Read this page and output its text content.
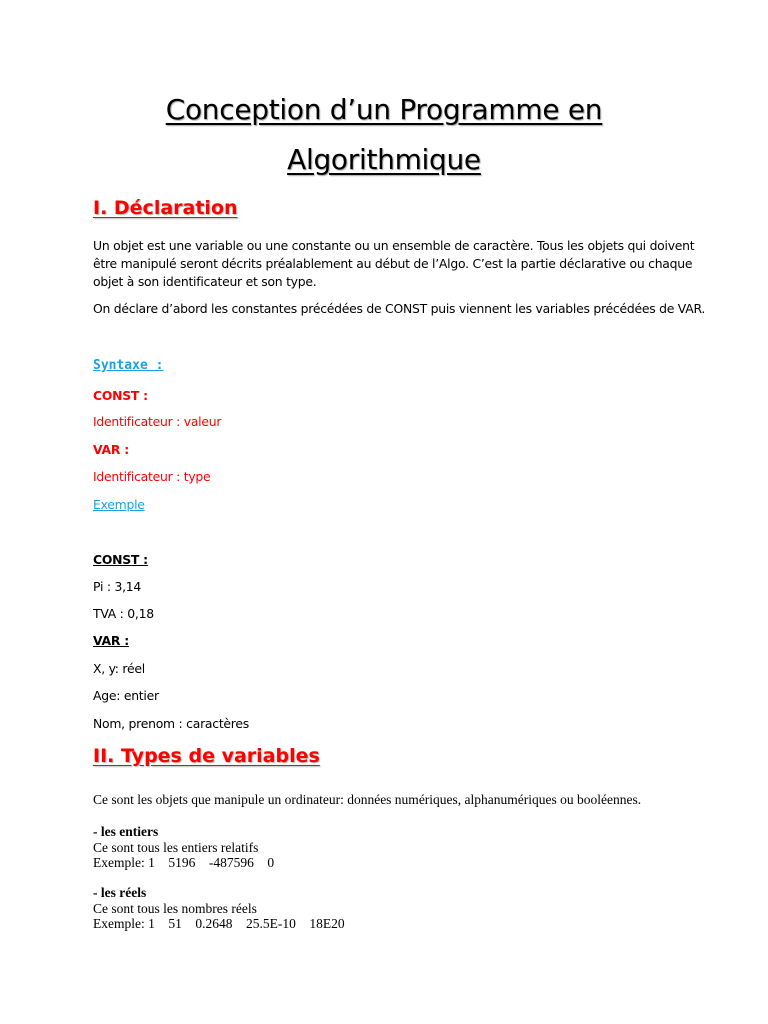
Conception d’un Programme en
Algorithmique
I. Déclaration
Un objet est une variable ou une constante ou un ensemble de caractère. Tous les objets qui doivent
être manipulé seront décrits préalablement au début de l’Algo. C’est la partie déclarative ou chaque
objet à son identificateur et son type.
On déclare d’abord les constantes précédées de CONST puis viennent les variables précédées de VAR.
Syntaxe :
CONST :
Identificateur : valeur
VAR :
Identificateur : type
Exemple
CONST :
Pi : 3,14
TVA : 0,18
VAR :
X, y: réel
Age: entier
Nom, prenom : caractères
II. Types de variables
Ce sont les objets que manipule un ordinateur: données numériques, alphanumériques ou booléennes.
- les entiers
Ce sont tous les entiers relatifs
Exemple: 1    5196    -487596    0
- les réels
Ce sont tous les nombres réels
Exemple: 1    51    0.2648    25.5E-10    18E20
